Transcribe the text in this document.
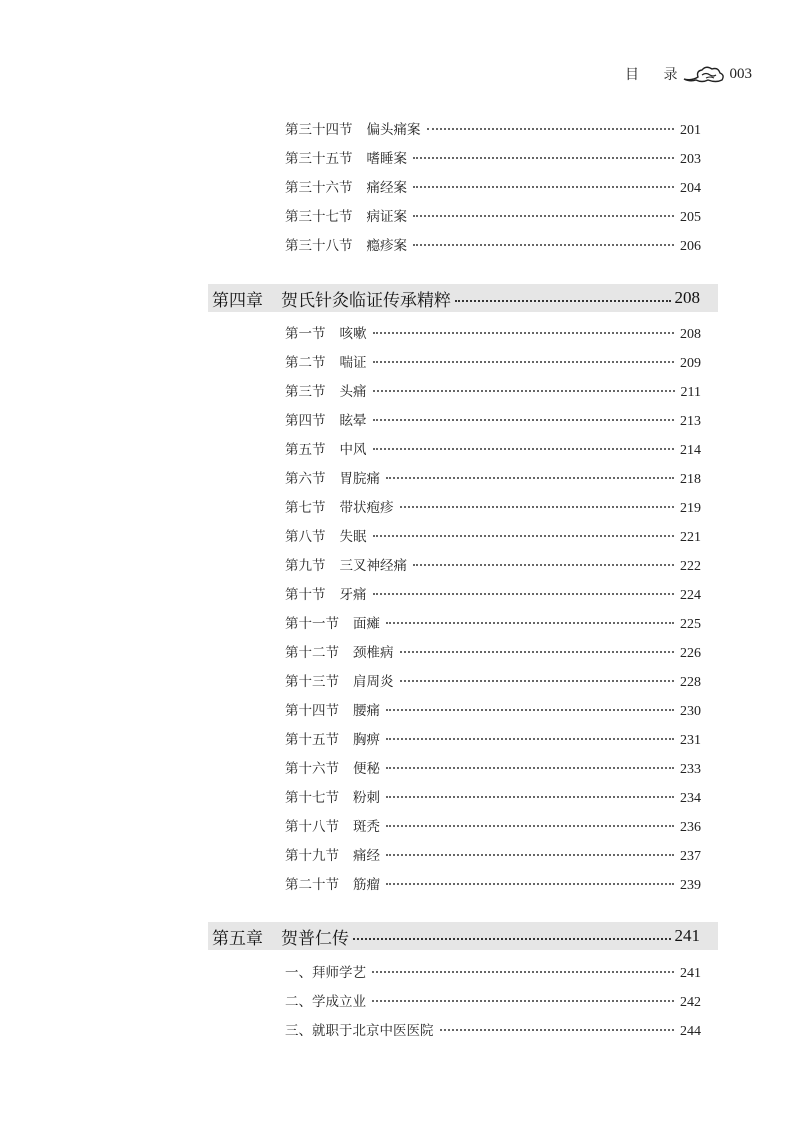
目 录	003
第三十四节 偏头痛案	201
第三十五节 嗜睡案	203
第三十六节 痛经案	204
第三十七节 病证案	205
第三十八节 瘾疹案	206
第四章 贺氏针灸临证传承精粹	208
第一节 咳嗽	208
第二节 喘证	209
第三节 头痛	211
第四节 眩晕	213
第五节 中风	214
第六节 胃脘痛	218
第七节 带状疱疹	219
第八节 失眠	221
第九节 三叉神经痛	222
第十节 牙痛	224
第十一节 面瘫	225
第十二节 颈椎病	226
第十三节 肩周炎	228
第十四节 腰痛	230
第十五节 胸痹	231
第十六节 便秘	233
第十七节 粉刺	234
第十八节 斑秃	236
第十九节 痛经	237
第二十节 筋瘤	239
第五章 贺普仁传	241
一、拜师学艺	241
二、学成立业	242
三、就职于北京中医医院	244
